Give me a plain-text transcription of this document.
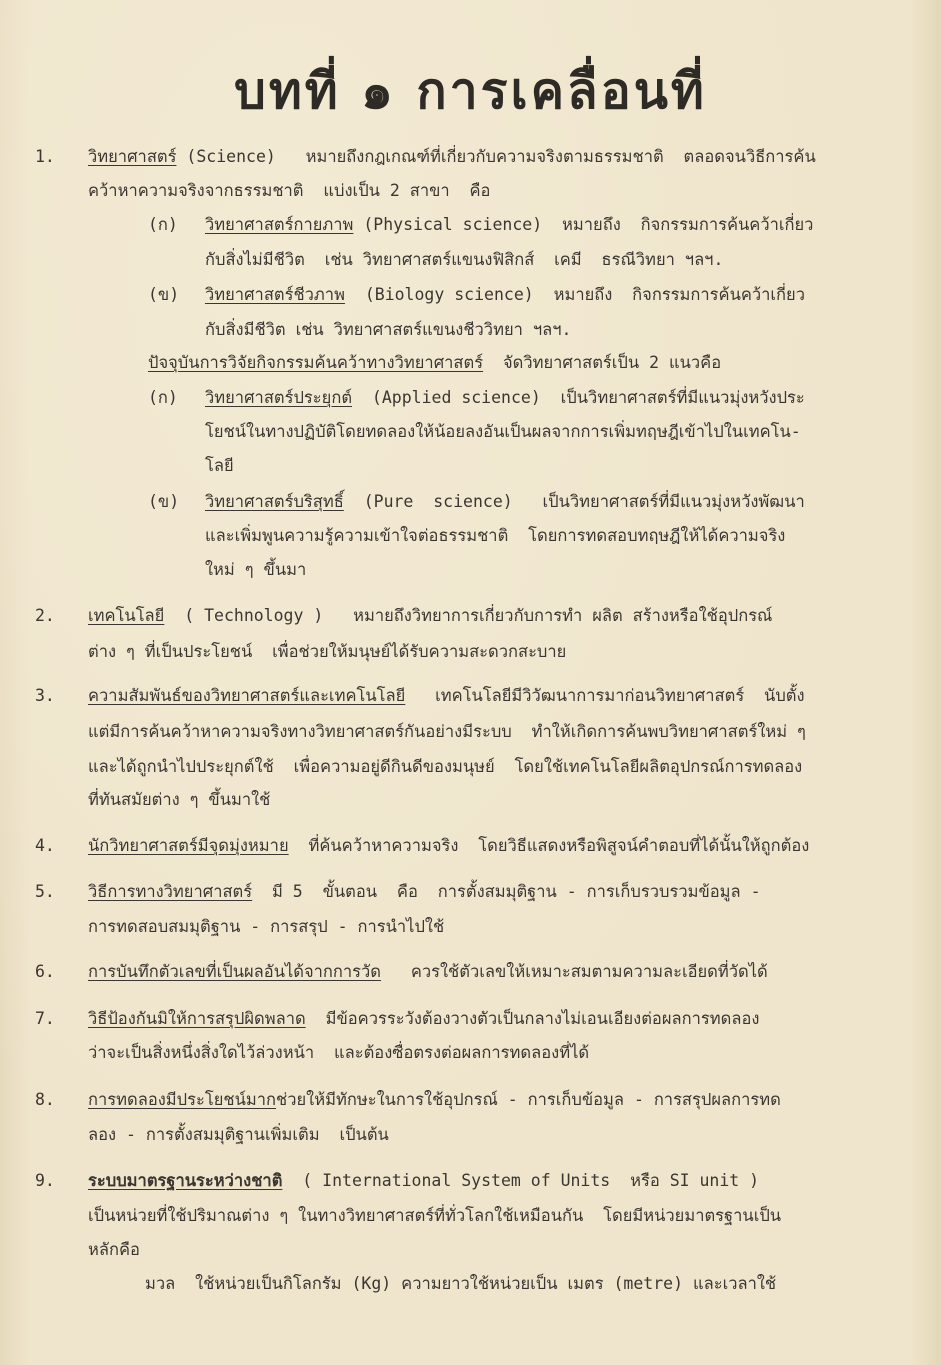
บทที่ ๑ การเคลื่อนที่
1. วิทยาศาสตร์ (Science)   หมายถึงกฎเกณฑ์ที่เกี่ยวกับความจริงตามธรรมชาติ  ตลอดจนวิธีการค้น
คว้าหาความจริงจากธรรมชาติ  แบ่งเป็น 2 สาขา  คือ
(ก) วิทยาศาสตร์กายภาพ (Physical science)  หมายถึง  กิจกรรมการค้นคว้าเกี่ยว
กับสิ่งไม่มีชีวิต  เช่น วิทยาศาสตร์แขนงฟิสิกส์  เคมี  ธรณีวิทยา ฯลฯ.
(ข) วิทยาศาสตร์ชีวภาพ  (Biology science)  หมายถึง  กิจกรรมการค้นคว้าเกี่ยว
กับสิ่งมีชีวิต เช่น วิทยาศาสตร์แขนงชีววิทยา ฯลฯ.
ปัจจุบันการวิจัยกิจกรรมค้นคว้าทางวิทยาศาสตร์  จัดวิทยาศาสตร์เป็น 2 แนวคือ
(ก) วิทยาศาสตร์ประยุกต์  (Applied science)  เป็นวิทยาศาสตร์ที่มีแนวมุ่งหวังประ
โยชน์ในทางปฏิบัติโดยทดลองให้น้อยลงอันเป็นผลจากการเพิ่มทฤษฎีเข้าไปในเทคโน-
โลยี
(ข) วิทยาศาสตร์บริสุทธิ์  (Pure  science)   เป็นวิทยาศาสตร์ที่มีแนวมุ่งหวังพัฒนา
และเพิ่มพูนความรู้ความเข้าใจต่อธรรมชาติ  โดยการทดสอบทฤษฎีให้ได้ความจริง
ใหม่ ๆ ขึ้นมา
2. เทคโนโลยี  ( Technology )   หมายถึงวิทยาการเกี่ยวกับการทำ ผลิต สร้างหรือใช้อุปกรณ์
ต่าง ๆ ที่เป็นประโยชน์  เพื่อช่วยให้มนุษย์ได้รับความสะดวกสะบาย
3. ความสัมพันธ์ของวิทยาศาสตร์และเทคโนโลยี   เทคโนโลยีมีวิวัฒนาการมาก่อนวิทยาศาสตร์  นับตั้ง
แต่มีการค้นคว้าหาความจริงทางวิทยาศาสตร์กันอย่างมีระบบ  ทำให้เกิดการค้นพบวิทยาศาสตร์ใหม่ ๆ
และได้ถูกนำไปประยุกต์ใช้  เพื่อความอยู่ดีกินดีของมนุษย์  โดยใช้เทคโนโลยีผลิตอุปกรณ์การทดลอง
ที่ทันสมัยต่าง ๆ ขึ้นมาใช้
4. นักวิทยาศาสตร์มีจุดมุ่งหมาย  ที่ค้นคว้าหาความจริง  โดยวิธีแสดงหรือพิสูจน์คำตอบที่ได้นั้นให้ถูกต้อง
5. วิธีการทางวิทยาศาสตร์  มี 5  ขั้นตอน  คือ  การตั้งสมมุติฐาน - การเก็บรวบรวมข้อมูล -
การทดสอบสมมุติฐาน - การสรุป - การนำไปใช้
6. การบันทึกตัวเลขที่เป็นผลอันได้จากการวัด   ควรใช้ตัวเลขให้เหมาะสมตามความละเอียดที่วัดได้
7. วิธีป้องกันมิให้การสรุปผิดพลาด  มีข้อควรระวังต้องวางตัวเป็นกลางไม่เอนเอียงต่อผลการทดลอง
ว่าจะเป็นสิ่งหนึ่งสิ่งใดไว้ล่วงหน้า  และต้องซื่อตรงต่อผลการทดลองที่ได้
8. การทดลองมีประโยชน์มากช่วยให้มีทักษะในการใช้อุปกรณ์ - การเก็บข้อมูล - การสรุปผลการทด
ลอง - การตั้งสมมุติฐานเพิ่มเติม  เป็นต้น
9. ระบบมาตรฐานระหว่างชาติ  ( International System of Units  หรือ SI unit )
เป็นหน่วยที่ใช้ปริมาณต่าง ๆ ในทางวิทยาศาสตร์ที่ทั่วโลกใช้เหมือนกัน  โดยมีหน่วยมาตรฐานเป็น
หลักคือ
มวล  ใช้หน่วยเป็นกิโลกรัม (Kg) ความยาวใช้หน่วยเป็น เมตร (metre) และเวลาใช้
